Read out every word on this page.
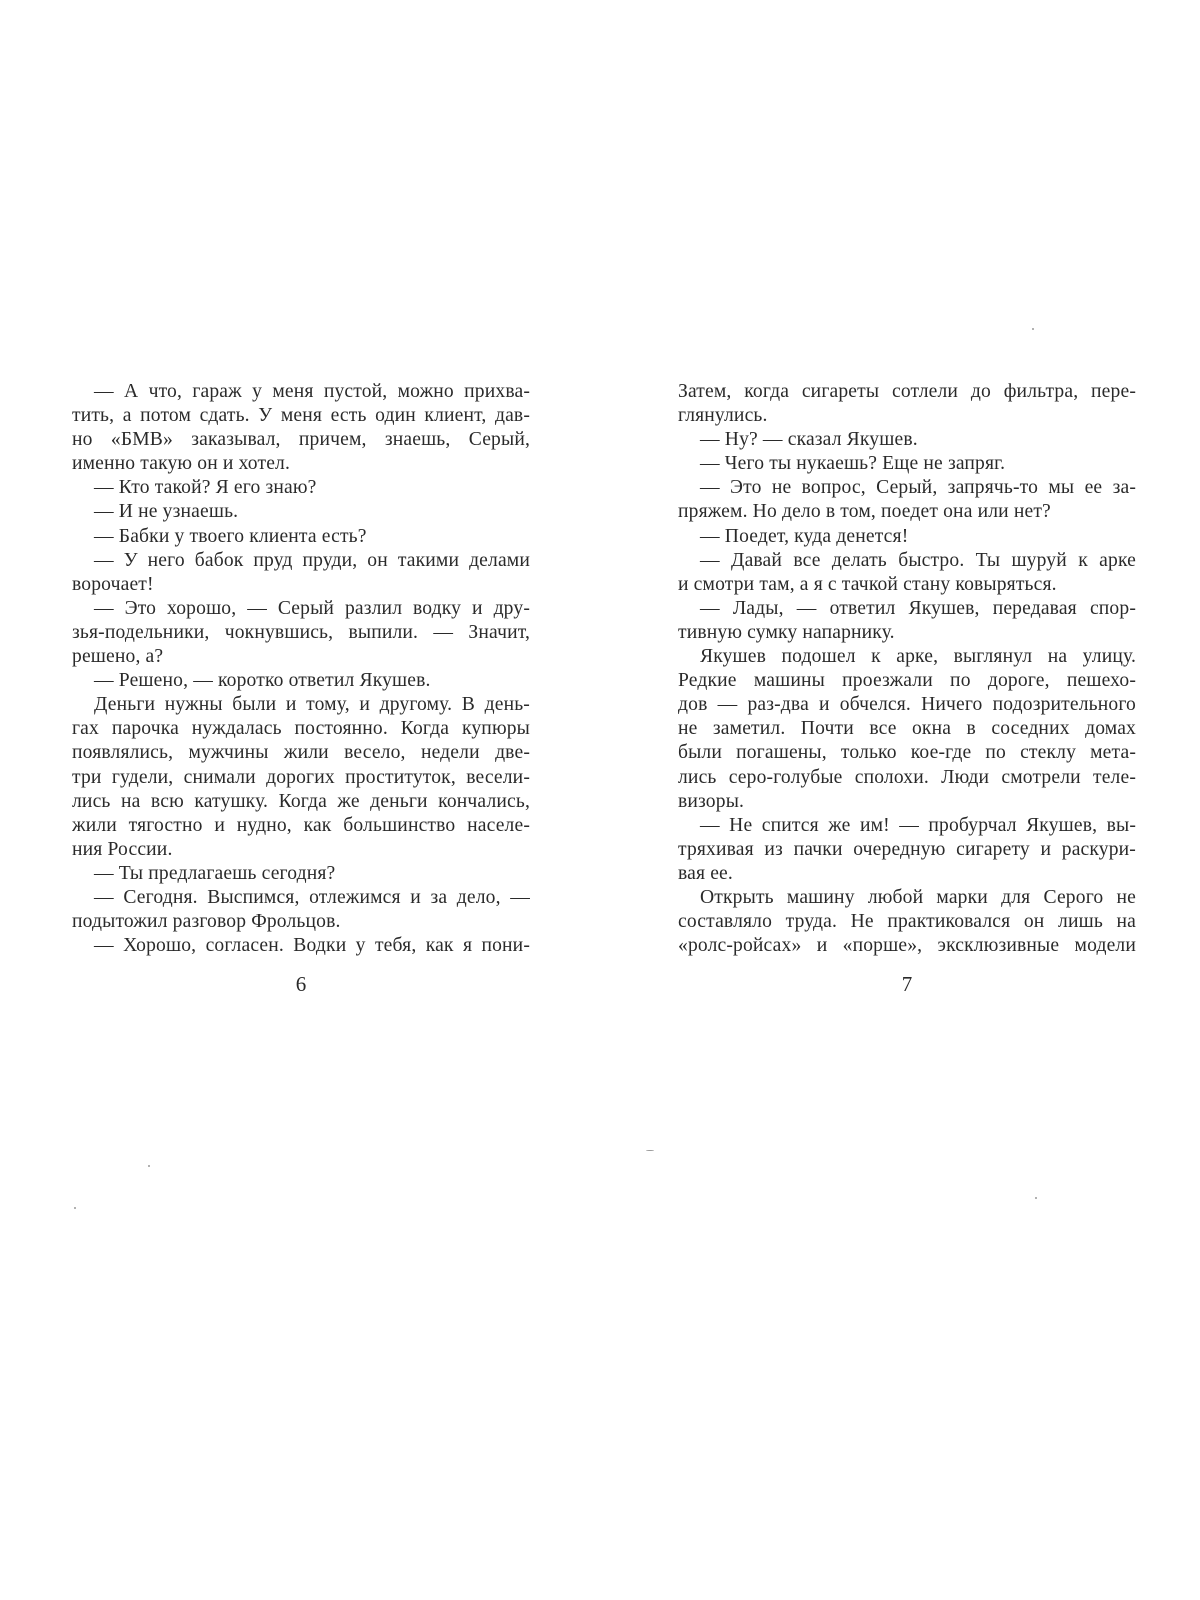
— А что, гараж у меня пустой, можно прихва-
тить, а потом сдать. У меня есть один клиент, дав-
но «БМВ» заказывал, причем, знаешь, Серый,
именно такую он и хотел.
— Кто такой? Я его знаю?
— И не узнаешь.
— Бабки у твоего клиента есть?
— У него бабок пруд пруди, он такими делами
ворочает!
— Это хорошо, — Серый разлил водку и дру-
зья-подельники, чокнувшись, выпили. — Значит,
решено, а?
— Решено, — коротко ответил Якушев.
Деньги нужны были и тому, и другому. В день-
гах парочка нуждалась постоянно. Когда купюры
появлялись, мужчины жили весело, недели две-
три гудели, снимали дорогих проституток, весели-
лись на всю катушку. Когда же деньги кончались,
жили тягостно и нудно, как большинство населе-
ния России.
— Ты предлагаешь сегодня?
— Сегодня. Выспимся, отлежимся и за дело, —
подытожил разговор Фрольцов.
— Хорошо, согласен. Водки у тебя, как я пони-
6
Затем, когда сигареты сотлели до фильтра, пере-
глянулись.
— Ну? — сказал Якушев.
— Чего ты нукаешь? Еще не запряг.
— Это не вопрос, Серый, запрячь-то мы ее за-
пряжем. Но дело в том, поедет она или нет?
— Поедет, куда денется!
— Давай все делать быстро. Ты шуруй к арке
и смотри там, а я с тачкой стану ковыряться.
— Лады, — ответил Якушев, передавая спор-
тивную сумку напарнику.
Якушев подошел к арке, выглянул на улицу.
Редкие машины проезжали по дороге, пешехо-
дов — раз-два и обчелся. Ничего подозрительного
не заметил. Почти все окна в соседних домах
были погашены, только кое-где по стеклу мета-
лись серо-голубые сполохи. Люди смотрели теле-
визоры.
— Не спится же им! — пробурчал Якушев, вы-
тряхивая из пачки очередную сигарету и раскури-
вая ее.
Открыть машину любой марки для Серого не
составляло труда. Не практиковался он лишь на
«ролс-ройсах» и «порше», эксклюзивные модели
7
